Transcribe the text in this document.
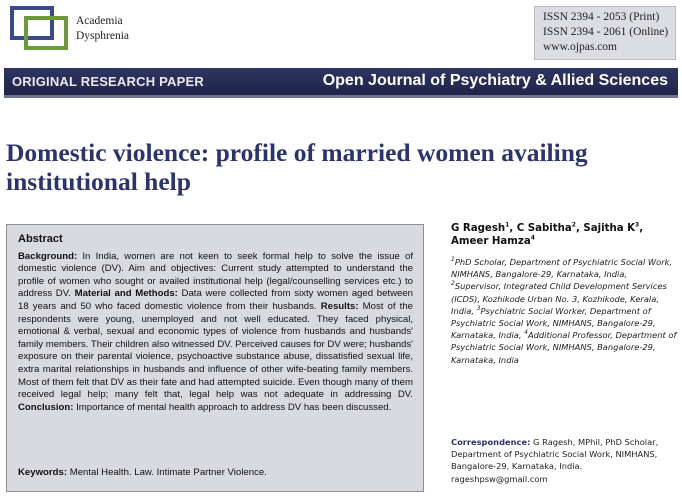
Academia
Dysphrenia
ISSN 2394 - 2053 (Print)
ISSN 2394 - 2061 (Online)
www.ojpas.com
ORIGINAL RESEARCH PAPER	Open Journal of Psychiatry & Allied Sciences
Domestic violence: profile of married women availing
institutional help
Abstract
Background: In India, women are not keen to seek formal help to solve the issue of domestic violence (DV). Aim and objectives: Current study attempted to understand the profile of women who sought or availed institutional help (legal/counselling services etc.) to address DV. Material and Methods: Data were collected from sixty women aged between 18 years and 50 who faced domestic violence from their husbands. Results: Most of the respondents were young, unemployed and not well educated. They faced physical, emotional & verbal, sexual and economic types of violence from husbands and husbands' family members. Their children also witnessed DV. Perceived causes for DV were; husbands' exposure on their parental violence, psychoactive substance abuse, dissatisfied sexual life, extra marital relationships in husbands and influence of other wife-beating family members. Most of them felt that DV as their fate and had attempted suicide. Even though many of them received legal help; many felt that, legal help was not adequate in addressing DV. Conclusion: Importance of mental health approach to address DV has been discussed.
Keywords: Mental Health. Law. Intimate Partner Violence.
G Ragesh$^1$, C Sabitha$^2$, Sajitha $K^3$,
Ameer Hamza$^4$
$^1$PhD Scholar, Department of Psychiatric Social Work, NIMHANS, Bangalore-29, Karnataka, India, $^2$Supervisor, Integrated Child Development Services (ICDS), Kozhikode Urban No. 3, Kozhikode, Kerala, India, $^3$Psychiatric Social Worker, Department of Psychiatric Social Work, NIMHANS, Bangalore-29, Karnataka, India, $^4$Additional Professor, Department of Psychiatric Social Work, NIMHANS, Bangalore-29, Karnataka, India
Correspondence: G Ragesh, MPhil, PhD Scholar, Department of Psychiatric Social Work, NIMHANS, Bangalore-29, Karnataka, India. rageshpsw@gmail.com
